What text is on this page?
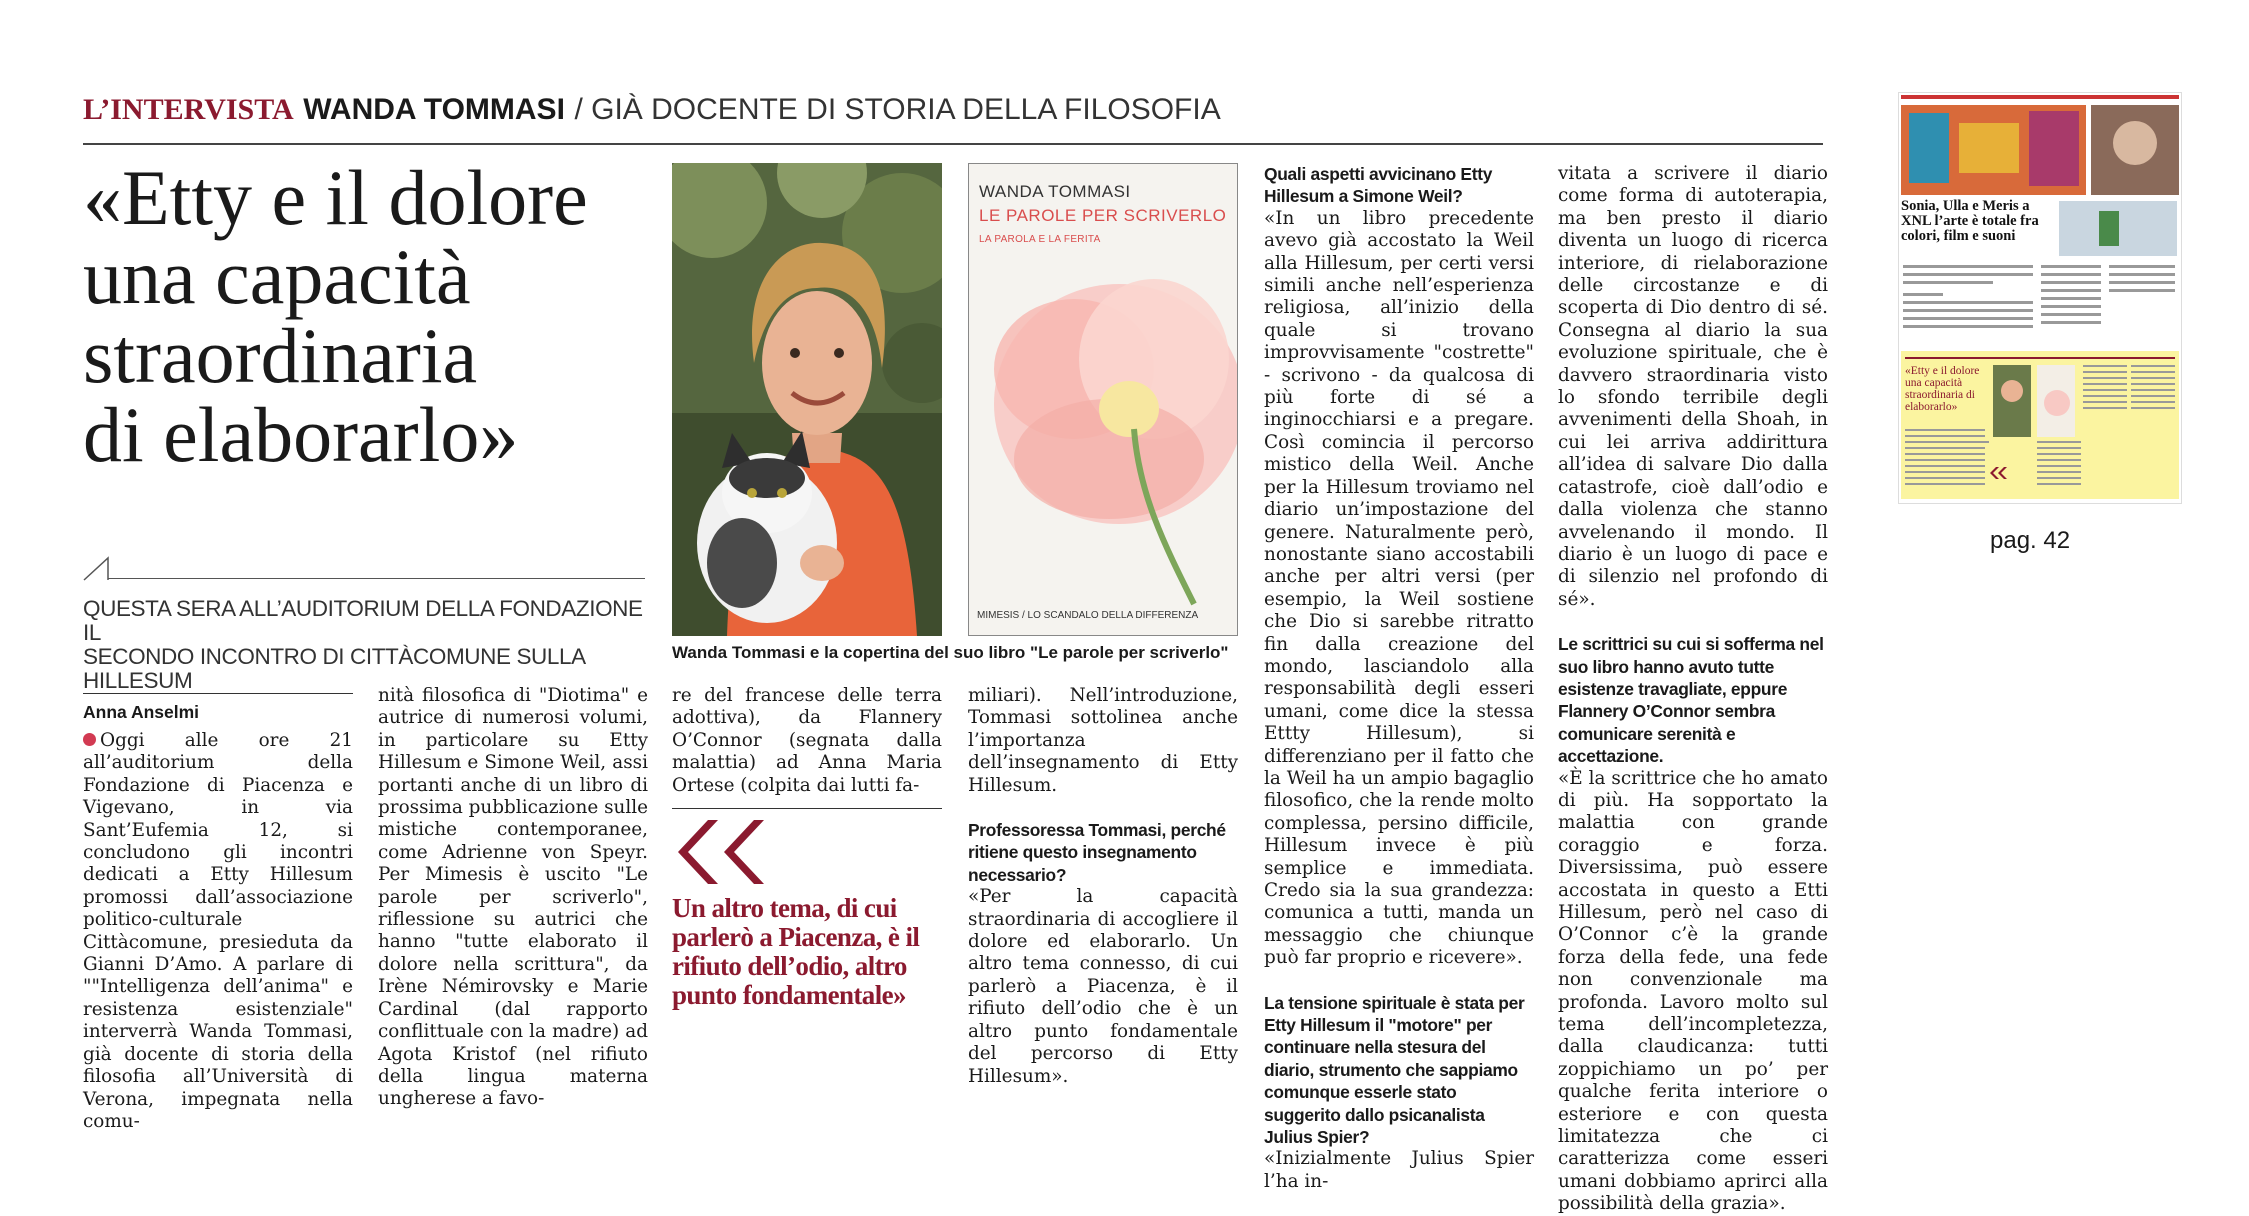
L’INTERVISTA WANDA TOMMASI / GIÀ DOCENTE DI STORIA DELLA FILOSOFIA
«Etty e il dolore
una capacità
straordinaria
di elaborarlo»
QUESTA SERA ALL’AUDITORIUM DELLA FONDAZIONE IL
SECONDO INCONTRO DI CITTÀCOMUNE SULLA HILLESUM
WANDA TOMMASI
LE PAROLE PER SCRIVERLO
LA PAROLA E LA FERITA
MIMESIS / LO SCANDALO DELLA DIFFERENZA
Wanda Tommasi e la copertina del suo libro "Le parole per scriverlo"
Anna Anselmi

Oggi alle ore 21 all’auditorium della Fondazione di Piacenza e Vigevano, in via Sant’Eufemia 12, si concludono gli incontri dedicati a Etty Hillesum promossi dall’associazione politico-culturale Cittàcomune, presieduta da Gianni D’Amo. A parlare di ""Intelligenza dell’anima" e resistenza esistenziale" interverrà Wanda Tommasi, già docente di storia della filosofia all’Università di Verona, impegnata nella comu-

nità filosofica di "Diotima" e autrice di numerosi volumi, in particolare su Etty Hillesum e Simone Weil, assi portanti anche di un libro di prossima pubblicazione sulle mistiche contemporanee, come Adrienne von Speyr. Per Mimesis è uscito "Le parole per scriverlo", riflessione su autrici che hanno "tutte elaborato il dolore nella scrittura", da Irène Némirovsky e Marie Cardinal (dal rapporto conflittuale con la madre) ad Agota Kristof (nel rifiuto della lingua materna ungherese a favo-

re del francese delle terra adottiva), da Flannery O’Connor (segnata dalla malattia) ad Anna Maria Ortese (colpita dai lutti fa-

Un altro tema, di cui parlerò a Piacenza, è il rifiuto dell’odio, altro punto fondamentale»

miliari). Nell’introduzione, Tommasi sottolinea anche l’importanza dell’insegnamento di Etty Hillesum.

Professoressa Tommasi, perché ritiene questo insegnamento necessario?

«Per la capacità straordinaria di accogliere il dolore ed elaborarlo. Un altro tema connesso, di cui parlerò a Piacenza, è il rifiuto dell’odio che è un altro punto fondamentale del percorso di Etty Hillesum».

Quali aspetti avvicinano Etty Hillesum a Simone Weil?

«In un libro precedente avevo già accostato la Weil alla Hillesum, per certi versi simili anche nell’esperienza religiosa, all’inizio della quale si trovano improvvisamente "costrette" - scrivono - da qualcosa di più forte di sé a inginocchiarsi e a pregare. Così comincia il percorso mistico della Weil. Anche per la Hillesum troviamo nel diario un’impostazione del genere. Naturalmente però, nonostante siano accostabili anche per altri versi (per esempio, la Weil sostiene che Dio si sarebbe ritratto fin dalla creazione del mondo, lasciandolo alla responsabilità degli esseri umani, come dice la stessa Ettty Hillesum), si differenziano per il fatto che la Weil ha un ampio bagaglio filosofico, che la rende molto complessa, persino difficile, Hillesum invece è più semplice e immediata. Credo sia la sua grandezza: comunica a tutti, manda un messaggio che chiunque può far proprio e ricevere».

La tensione spirituale è stata per Etty Hillesum il "motore" per continuare nella stesura del diario, strumento che sappiamo comunque esserle stato suggerito dallo psicanalista Julius Spier?

«Inizialmente Julius Spier l’ha in-

vitata a scrivere il diario come forma di autoterapia, ma ben presto il diario diventa un luogo di ricerca interiore, di rielaborazione delle circostanze e di scoperta di Dio dentro di sé. Consegna al diario la sua evoluzione spirituale, che è davvero straordinaria visto lo sfondo terribile degli avvenimenti della Shoah, in cui lei arriva addirittura all’idea di salvare Dio dalla catastrofe, cioè dall’odio e dalla violenza che stanno avvelenando il mondo. Il diario è un luogo di pace e di silenzio nel profondo di sé».

Le scrittrici su cui si sofferma nel suo libro hanno avuto tutte esistenze travagliate, eppure Flannery O’Connor sembra comunicare serenità e accettazione.

«È la scrittrice che ho amato di più. Ha sopportato la malattia con grande coraggio e forza. Diversissima, può essere accostata in questo a Etti Hillesum, però nel caso di O’Connor c’è la grande forza della fede, una fede non convenzionale ma profonda. Lavoro molto sul tema dell’incompletezza, dalla claudicanza: tutti zoppichiamo un po’ per qualche ferita interiore o esteriore e con questa limitatezza che ci caratterizza come esseri umani dobbiamo aprirci alla possibilità della grazia».

Sonia, Ulla e Meris a XNL l’arte è totale fra colori, film e suoni
«Etty e il dolore una capacità straordinaria di elaborarlo»
pag. 42
